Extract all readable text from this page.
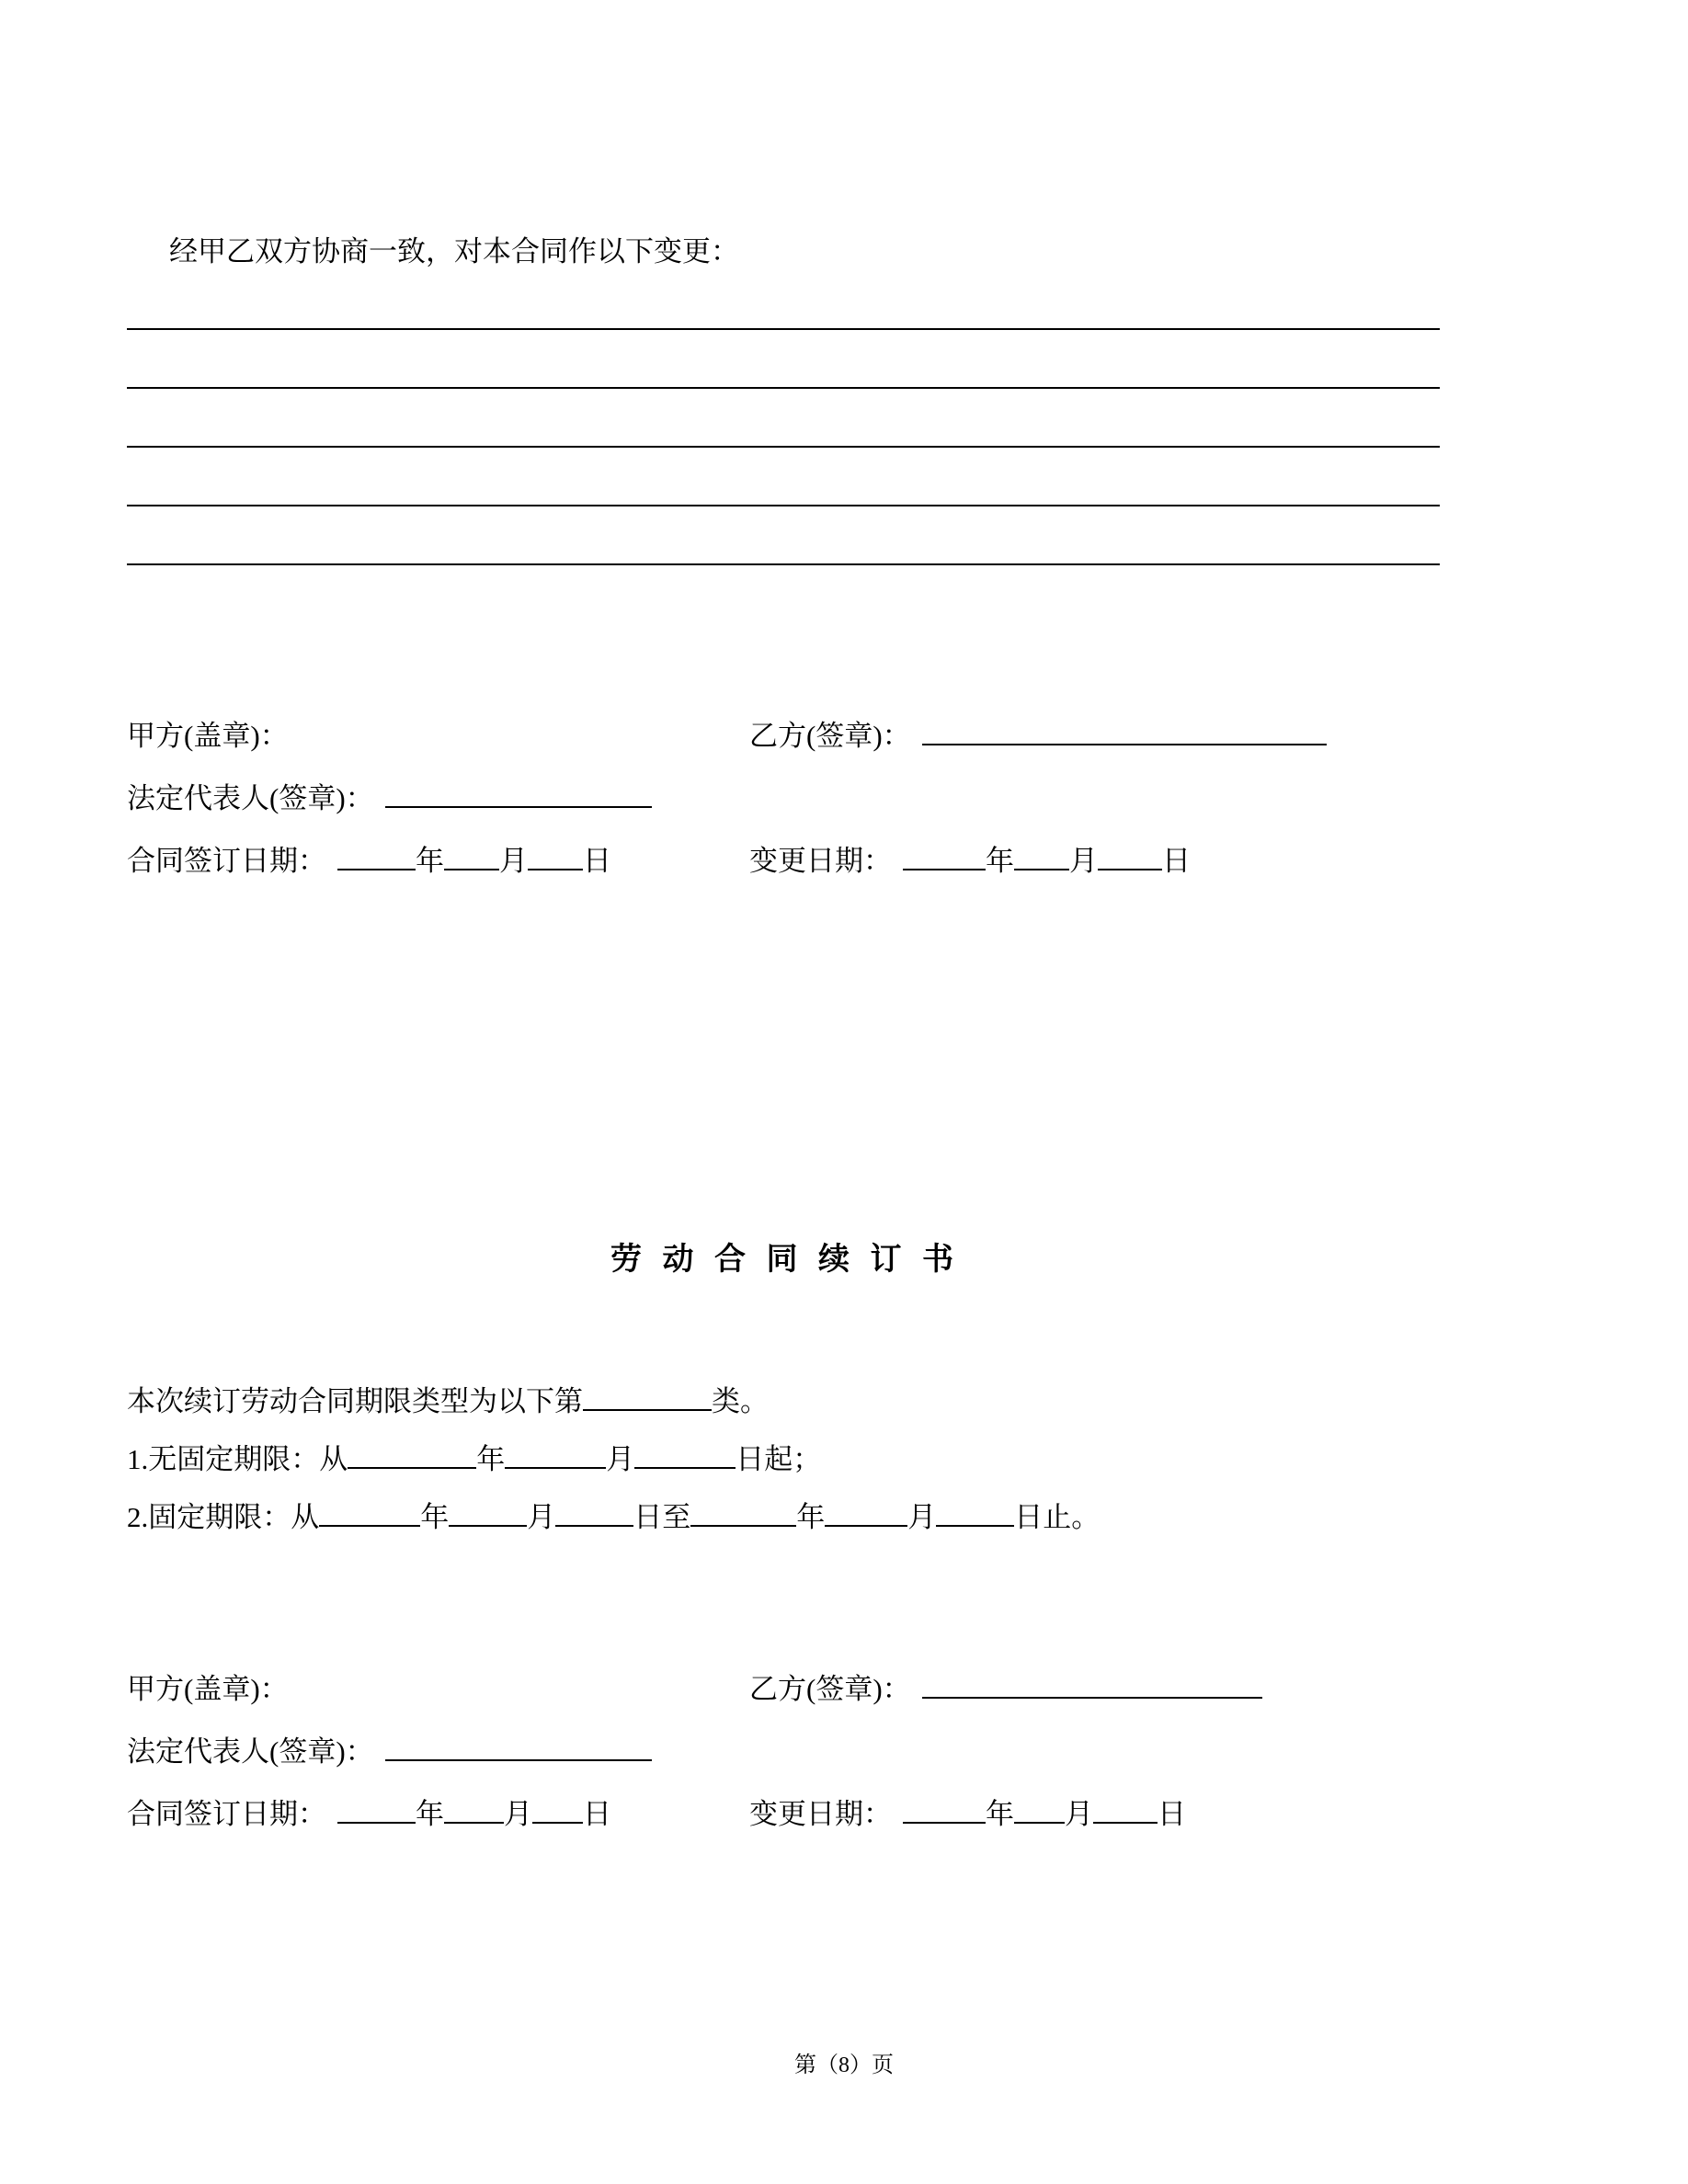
经甲乙双方协商一致，对本合同作以下变更：

甲方(盖章)：	乙方(签章)：
法定代表人(签章)：
合同签订日期：	年 月 日	变更日期：	年 月 日
劳 动 合 同 续 订 书

本次续订劳动合同期限类型为以下第	类。

1.无固定期限：从	年	月	日起；

2.固定期限：从	年	月	日至	年	月	日止。

甲方(盖章)：	乙方(签章)：
法定代表人(签章)：
合同签订日期：	年 月 日	变更日期：	年 月 日
第（8）页
